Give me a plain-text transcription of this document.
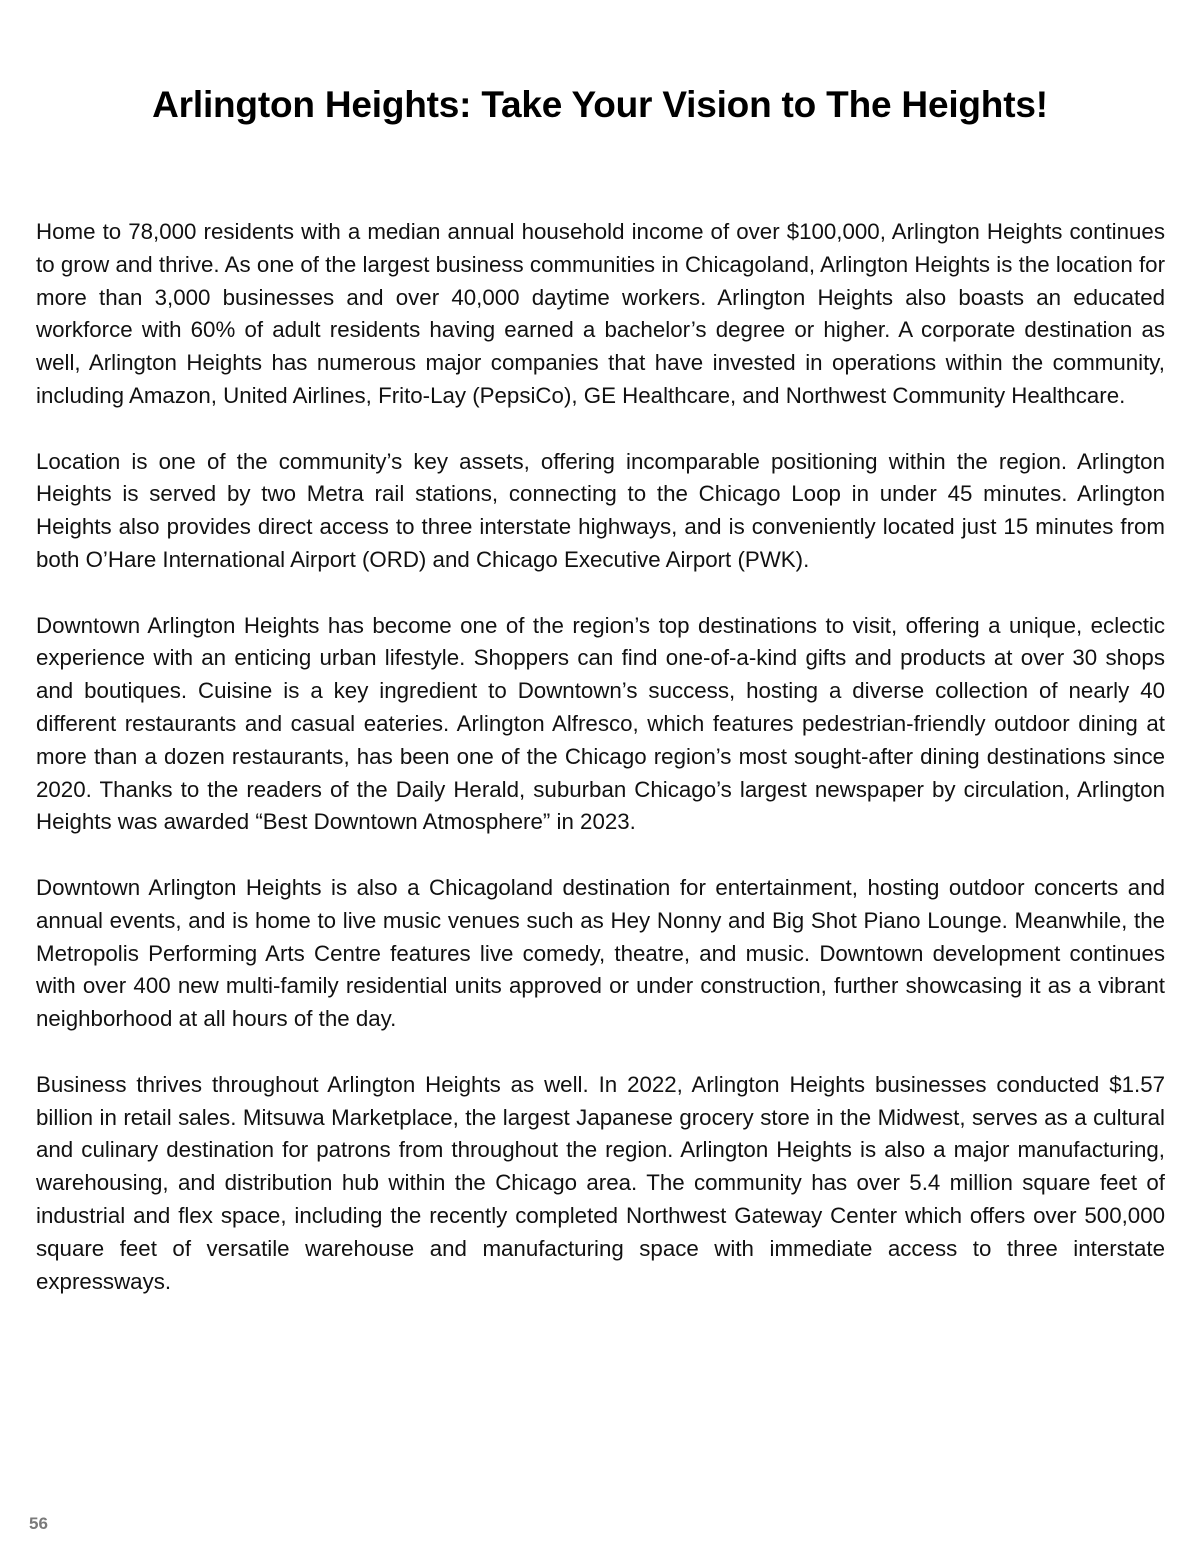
Arlington Heights: Take Your Vision to The Heights!

Home to 78,000 residents with a median annual household income of over $100,000, Arlington Heights continues to grow and thrive. As one of the largest business communities in Chicagoland, Arlington Heights is the location for more than 3,000 businesses and over 40,000 daytime workers. Arlington Heights also boasts an educated workforce with 60% of adult residents having earned a bachelor’s degree or higher. A corporate destination as well, Arlington Heights has numerous major companies that have invested in operations within the community, including Amazon, United Airlines, Frito-Lay (PepsiCo), GE Healthcare, and Northwest Community Healthcare.

Location is one of the community’s key assets, offering incomparable positioning within the region. Arlington Heights is served by two Metra rail stations, connecting to the Chicago Loop in under 45 minutes. Arlington Heights also provides direct access to three interstate highways, and is conveniently located just 15 minutes from both O’Hare International Airport (ORD) and Chicago Executive Airport (PWK).

Downtown Arlington Heights has become one of the region’s top destinations to visit, offering a unique, eclectic experience with an enticing urban lifestyle. Shoppers can find one-of-a-kind gifts and products at over 30 shops and boutiques. Cuisine is a key ingredient to Downtown’s success, hosting a diverse collection of nearly 40 different restaurants and casual eateries. Arlington Alfresco, which features pedestrian-friendly outdoor dining at more than a dozen restaurants, has been one of the Chicago region’s most sought-after dining destinations since 2020. Thanks to the readers of the Daily Herald, suburban Chicago’s largest newspaper by circulation, Arlington Heights was awarded “Best Downtown Atmosphere” in 2023.

Downtown Arlington Heights is also a Chicagoland destination for entertainment, hosting outdoor concerts and annual events, and is home to live music venues such as Hey Nonny and Big Shot Piano Lounge. Meanwhile, the Metropolis Performing Arts Centre features live comedy, theatre, and music. Downtown development continues with over 400 new multi-family residential units approved or under construction, further showcasing it as a vibrant neighborhood at all hours of the day.

Business thrives throughout Arlington Heights as well. In 2022, Arlington Heights businesses conducted $1.57 billion in retail sales. Mitsuwa Marketplace, the largest Japanese grocery store in the Midwest, serves as a cultural and culinary destination for patrons from throughout the region. Arlington Heights is also a major manufacturing, warehousing, and distribution hub within the Chicago area. The community has over 5.4 million square feet of industrial and flex space, including the recently completed Northwest Gateway Center which offers over 500,000 square feet of versatile warehouse and manufacturing space with immediate access to three interstate expressways.

56
